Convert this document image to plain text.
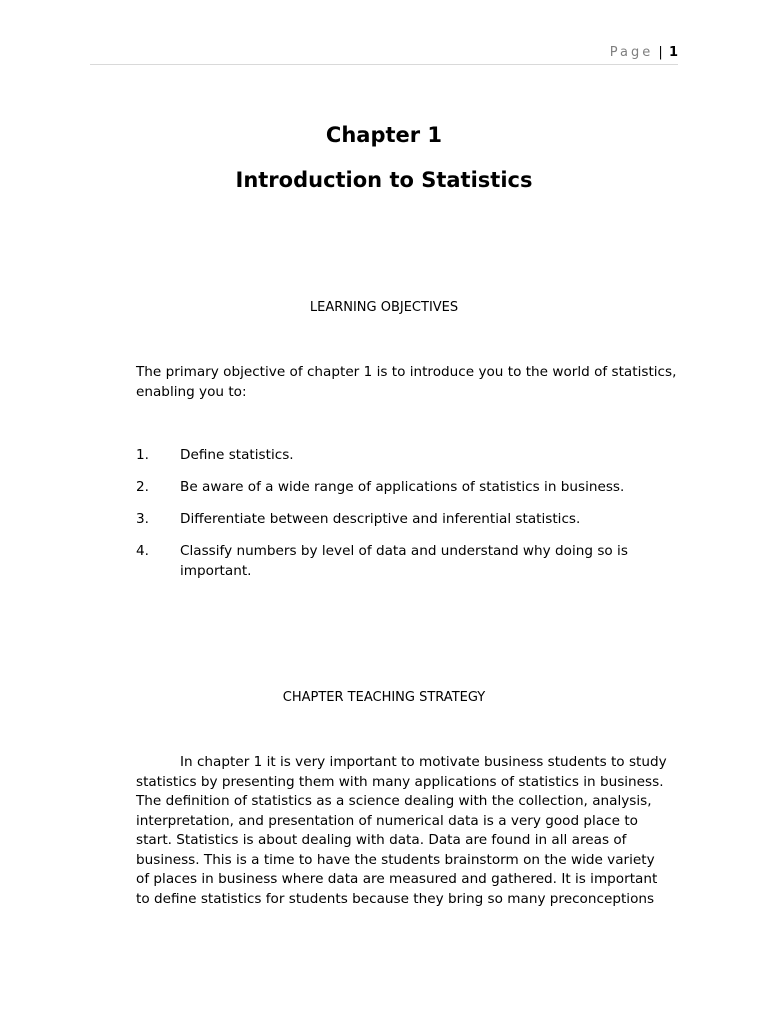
Page | 1
Chapter 1
Introduction to Statistics
LEARNING OBJECTIVES
The primary objective of chapter 1 is to introduce you to the world of statistics, enabling you to:
1.	Define statistics.
2.	Be aware of a wide range of applications of statistics in business.
3.	Differentiate between descriptive and inferential statistics.
4.	Classify numbers by level of data and understand why doing so is important.
CHAPTER TEACHING STRATEGY
In chapter 1 it is very important to motivate business students to study
statistics by presenting them with many applications of statistics in business.
The definition of statistics as a science dealing with the collection, analysis,
interpretation, and presentation of numerical data is a very good place to
start. Statistics is about dealing with data. Data are found in all areas of
business. This is a time to have the students brainstorm on the wide variety
of places in business where data are measured and gathered. It is important
to define statistics for students because they bring so many preconceptions
